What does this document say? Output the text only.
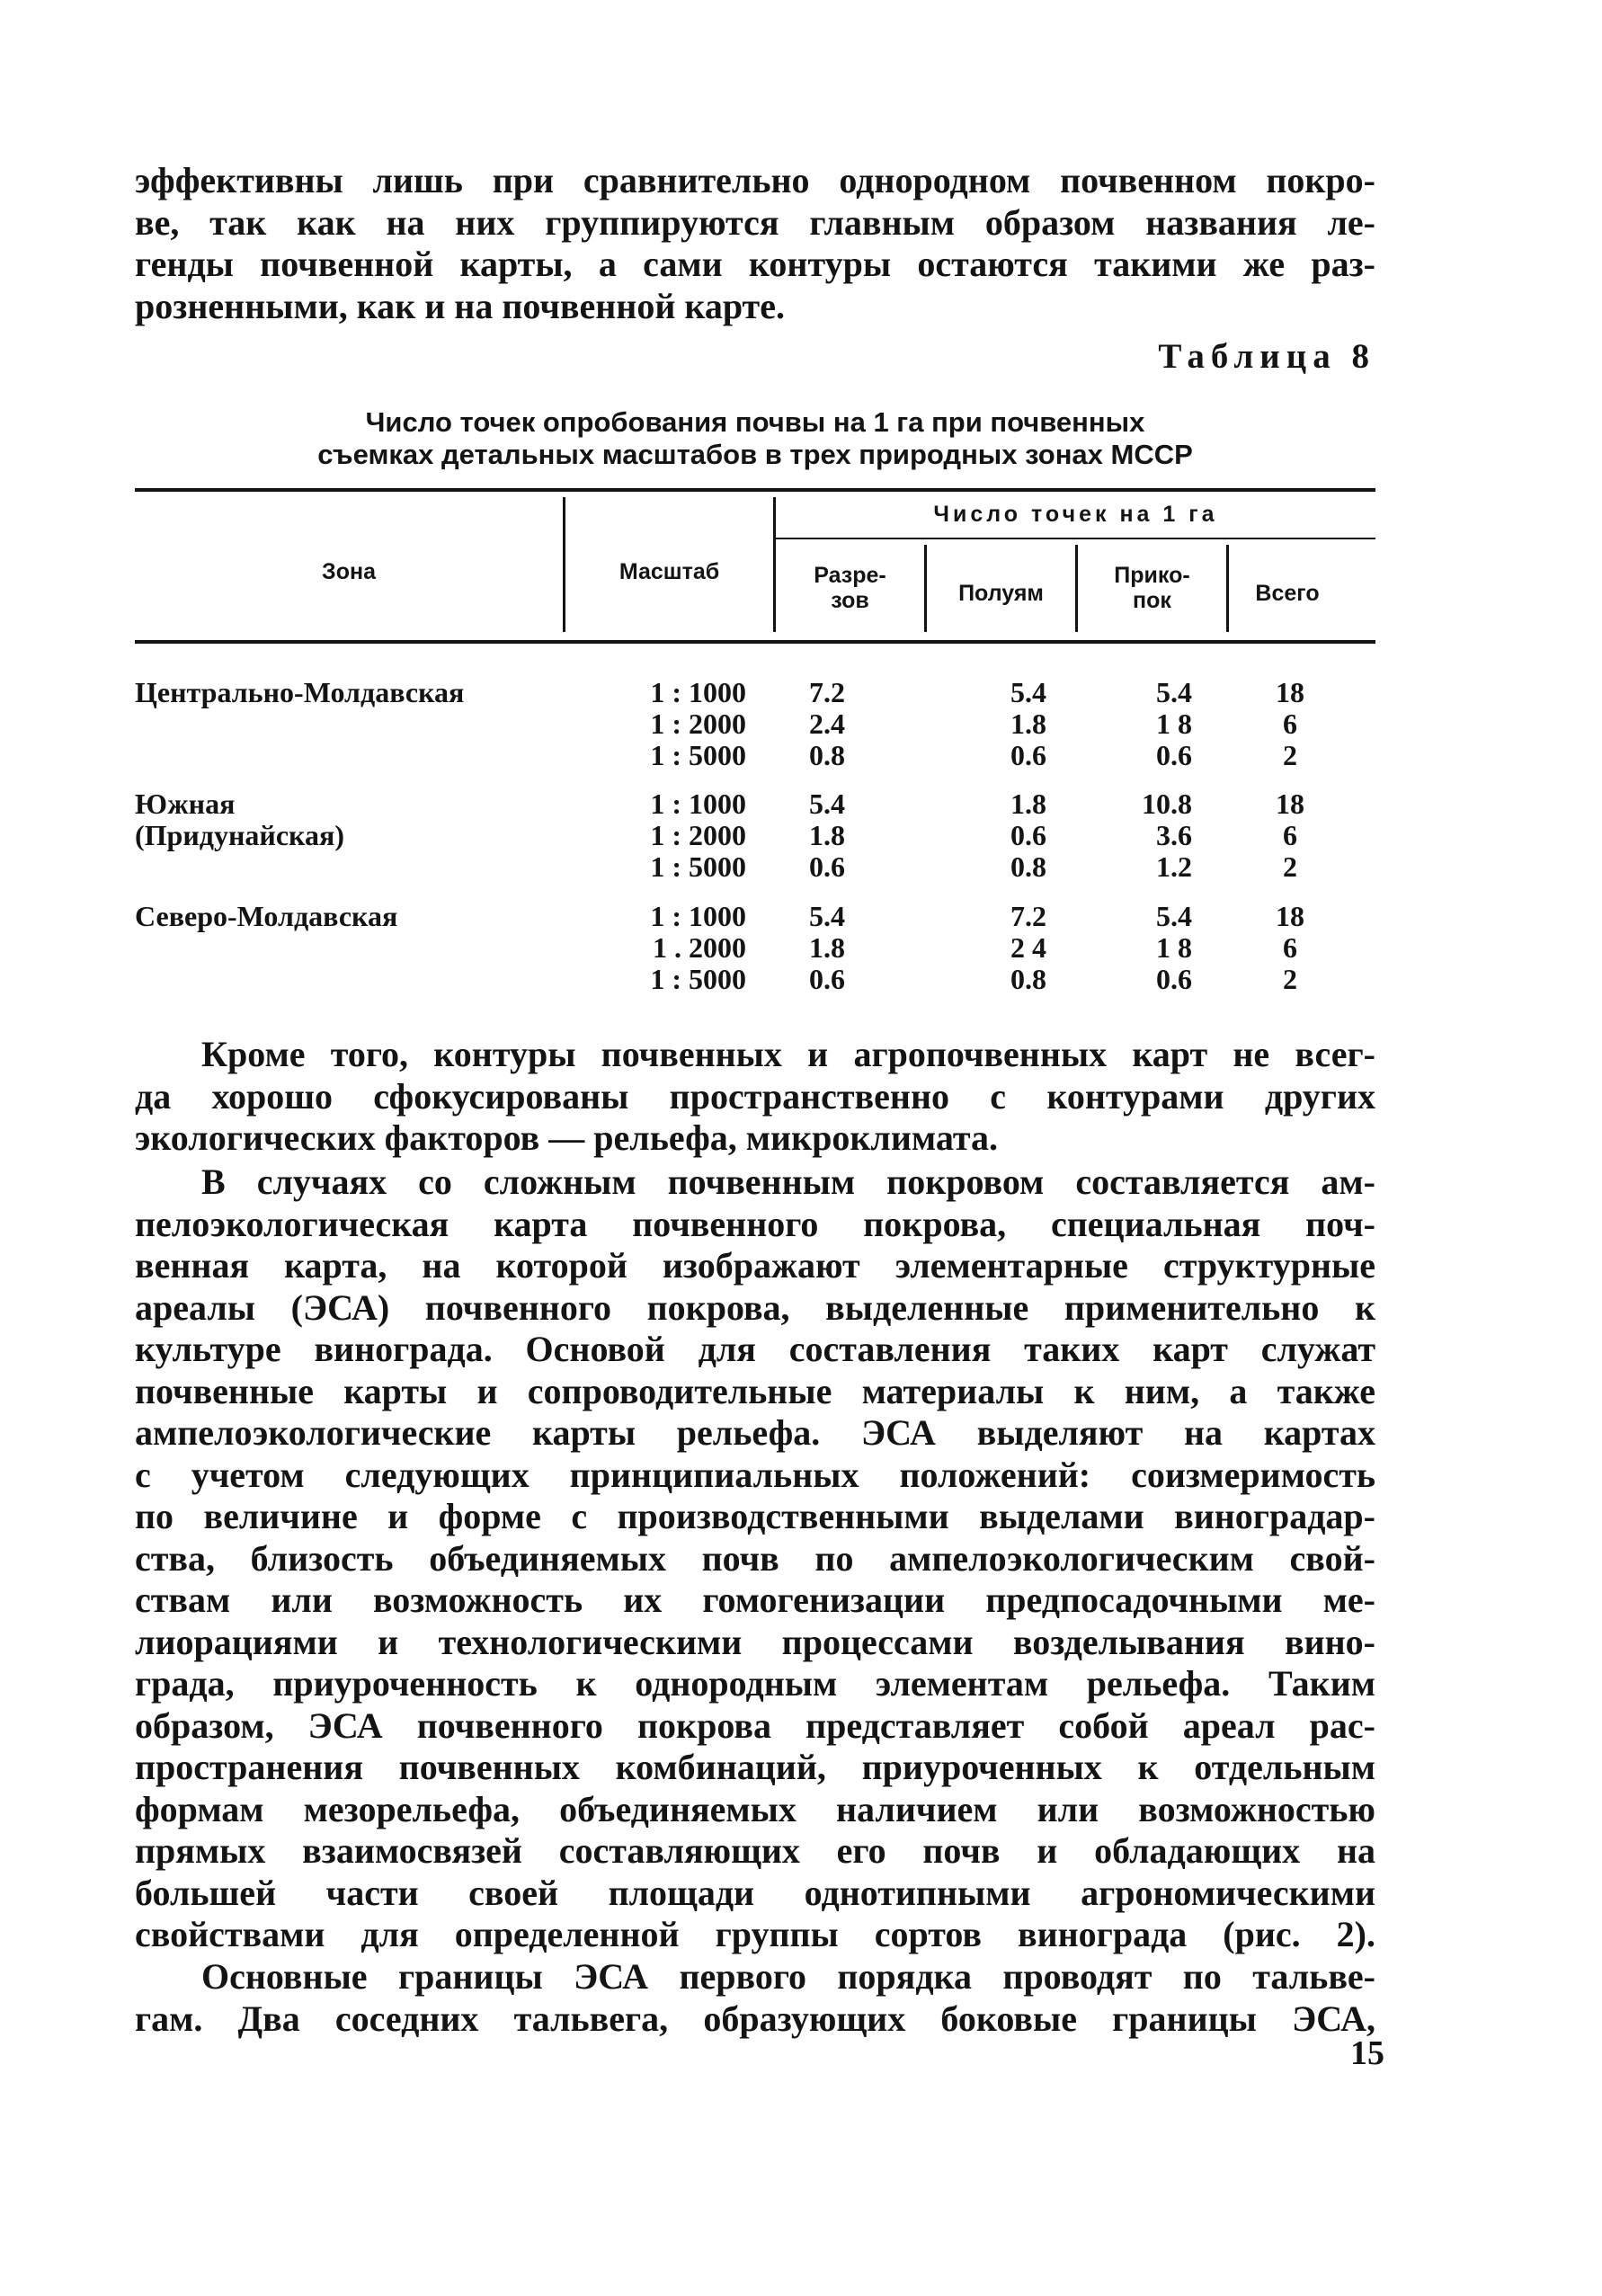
эффективны лишь при сравнительно однородном почвенном покро-
ве, так как на них группируются главным образом названия ле-
генды почвенной карты, а сами контуры остаются такими же раз-
розненными, как и на почвенной карте.

Таблица 8
Число точек опробования почвы на 1 га при почвенных
съемках детальных масштабов в трех природных зонах МССР
Зона	Масштаб
Число точек на 1 га
Разре-
зов	Полуям
Прико-
пок	Всего
Центрально-Молдавская	1 : 1000 7.2	5.4	5.4	18
1 : 2000 2.4	1.8	1 8	6
1 : 5000 0.8	0.6	0.6	2
Южная
(Придунайская)
1 : 1000 5.4	1.8	10.8	18
1 : 2000 1.8	0.6	3.6	6
1 : 5000 0.6	0.8	1.2	2
Северо-Молдавская	1 : 1000 5.4	7.2	5.4	18
1 . 2000 1.8	2 4	1 8	6
1 : 5000 0.6	0.8	0.6	2

Кроме того, контуры почвенных и агропочвенных карт не всег-
да хорошо сфокусированы пространственно с контурами других
экологических факторов — рельефа, микроклимата.

В случаях со сложным почвенным покровом составляется ам-
пелоэкологическая карта почвенного покрова, специальная поч-
венная карта, на которой изображают элементарные структурные
ареалы (ЭСА) почвенного покрова, выделенные применительно к
культуре винограда. Основой для составления таких карт служат
почвенные карты и сопроводительные материалы к ним, а также
ампелоэкологические карты рельефа. ЭСА выделяют на картах
с учетом следующих принципиальных положений: соизмеримость
по величине и форме с производственными выделами виноградар-
ства, близость объединяемых почв по ампелоэкологическим свой-
ствам или возможность их гомогенизации предпосадочными ме-
лиорациями и технологическими процессами возделывания вино-
града, приуроченность к однородным элементам рельефа. Таким
образом, ЭСА почвенного покрова представляет собой ареал рас-
пространения почвенных комбинаций, приуроченных к отдельным
формам мезорельефа, объединяемых наличием или возможностью
прямых взаимосвязей составляющих его почв и обладающих на
большей части своей площади однотипными агрономическими
свойствами для определенной группы сортов винограда (рис. 2).

Основные границы ЭСА первого порядка проводят по тальве-
гам. Два соседних тальвега, образующих боковые границы ЭСА,

15
